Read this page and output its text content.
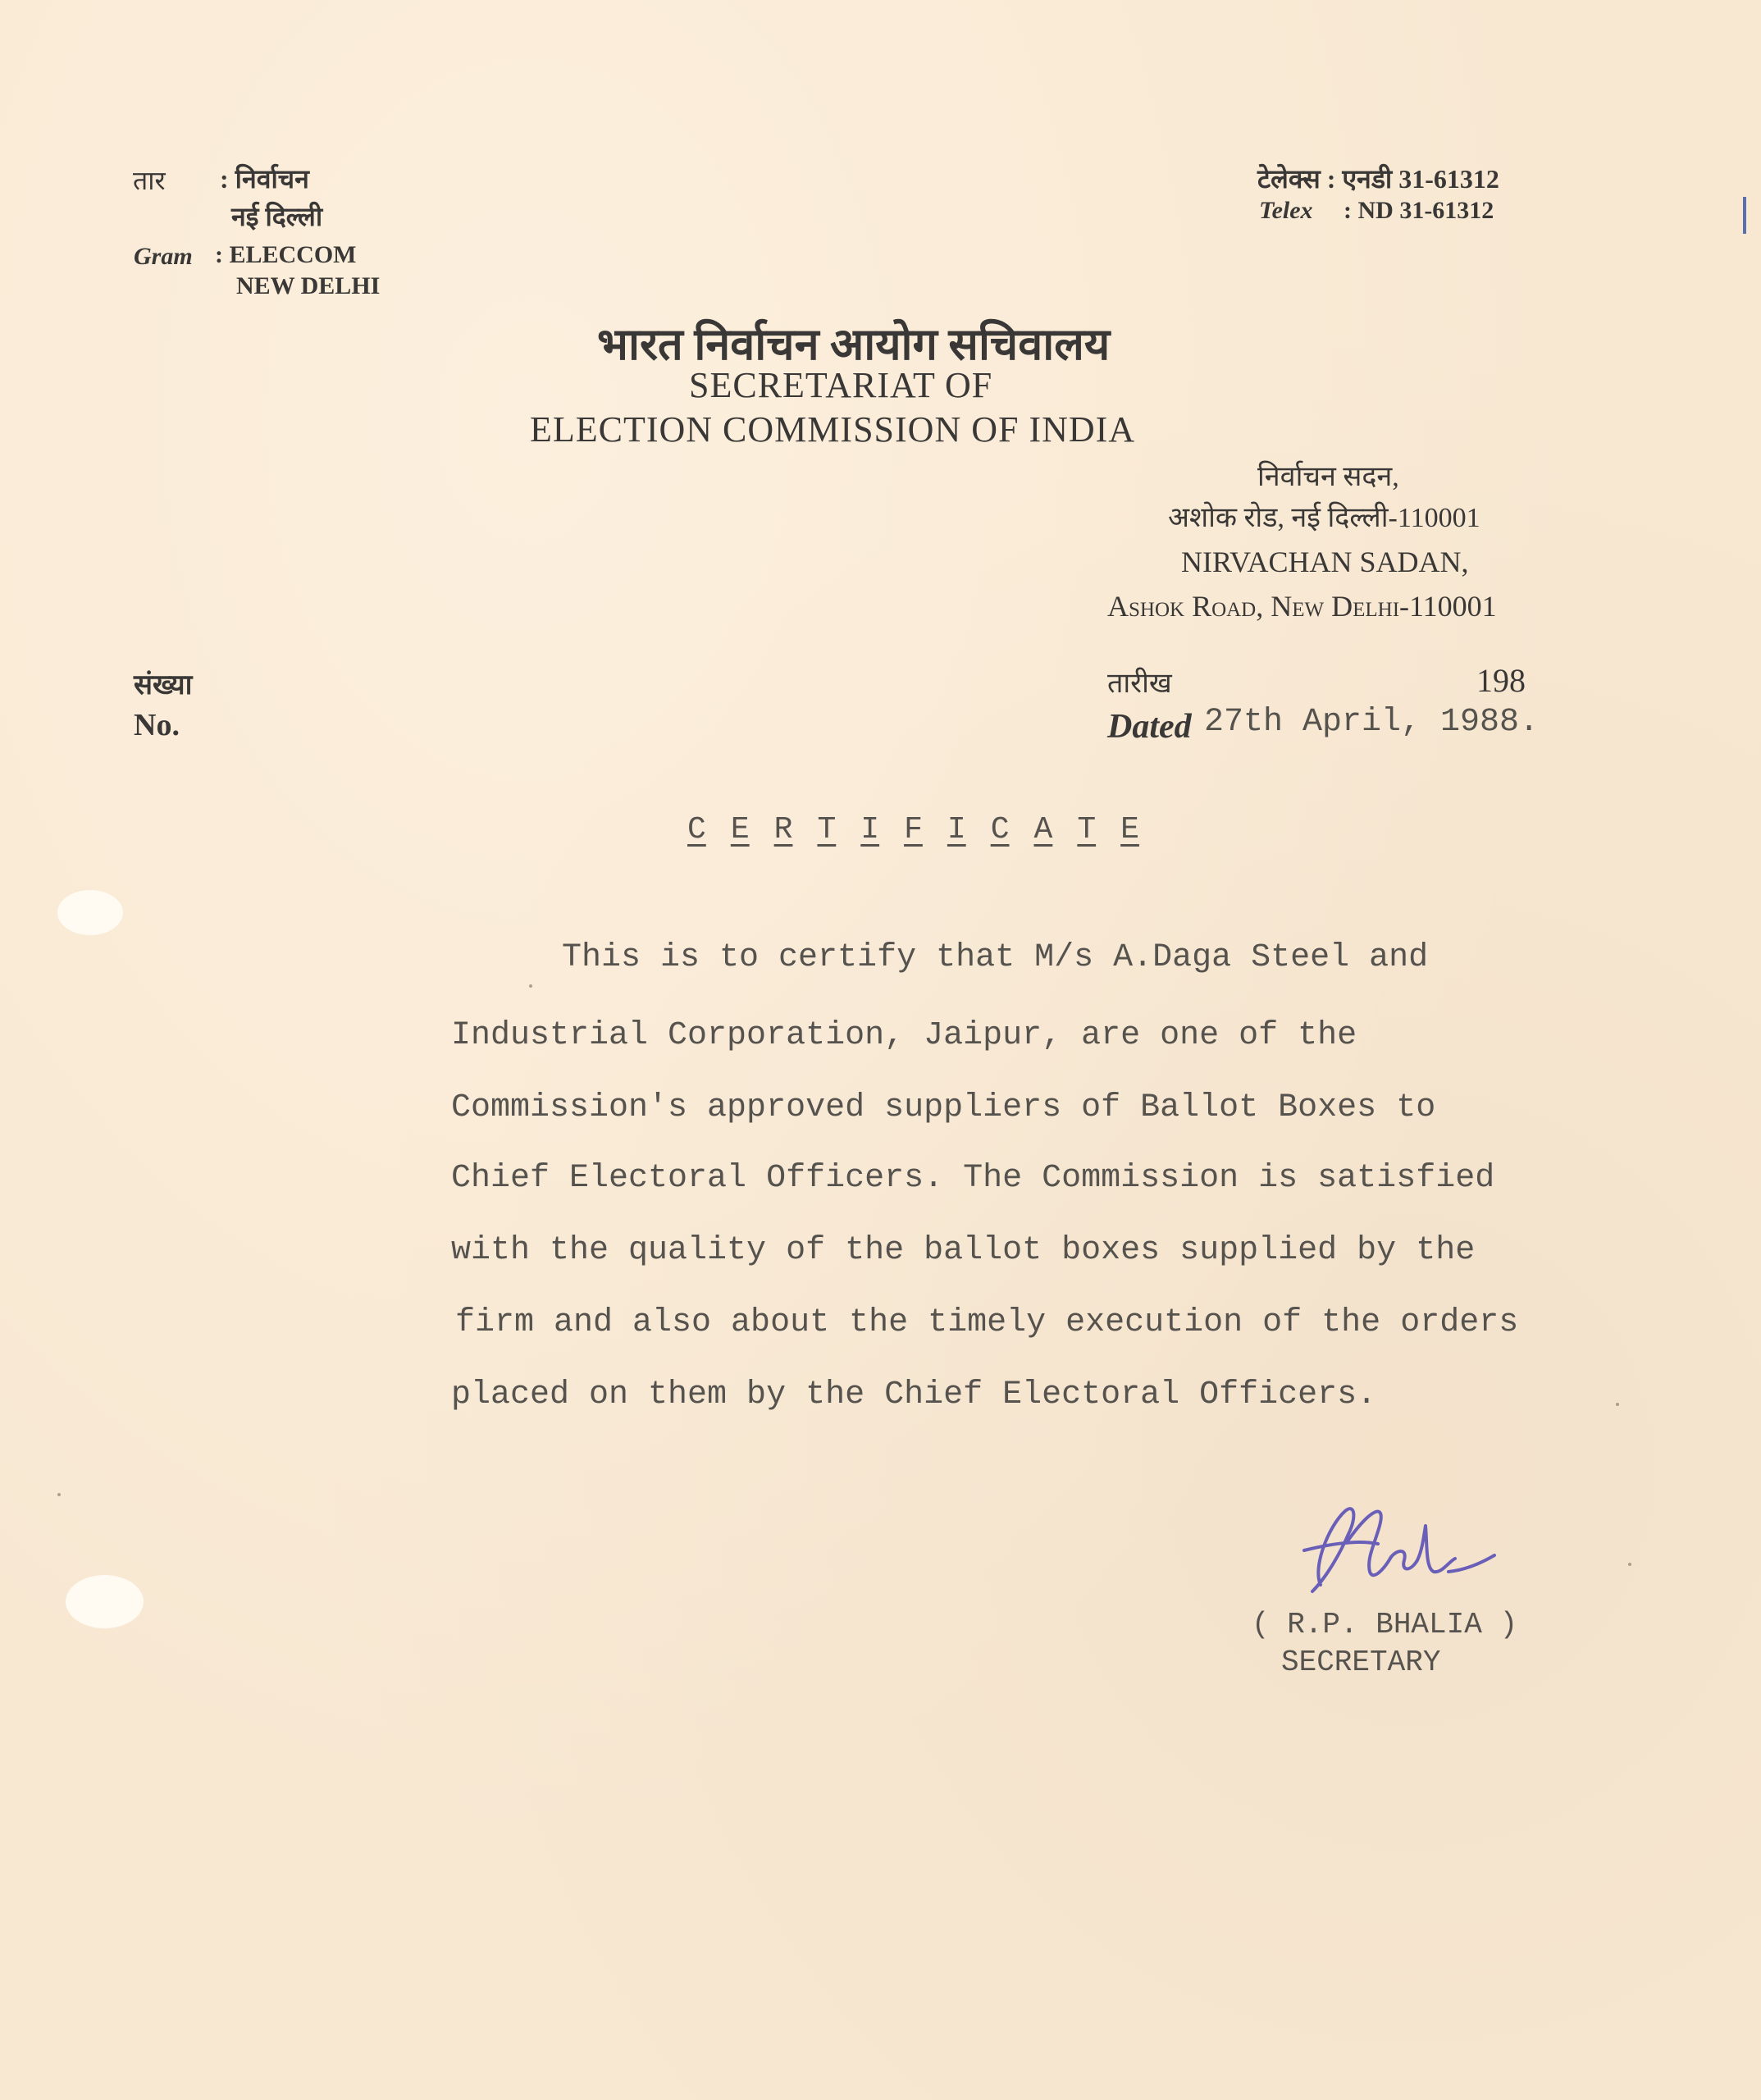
तार : निर्वाचन
नई दिल्ली
Gram : ELECCOM
NEW DELHI
टेलेक्स : एनडी 31-61312
Telex : ND 31-61312
भारत निर्वाचन आयोग सचिवालय
SECRETARIAT OF
ELECTION COMMISSION OF INDIA
निर्वाचन सदन,
अशोक रोड, नई दिल्ली-110001
NIRVACHAN SADAN,
Ashok Road, New Delhi-110001
संख्या
No.
तारीख	198
Dated 27th April, 1988.
C E R T I F I C A T E
This is to certify that M/s A.Daga Steel and
Industrial Corporation, Jaipur, are one of the
Commission's approved suppliers of Ballot Boxes to
Chief Electoral Officers. The Commission is satisfied
with the quality of the ballot boxes supplied by the
firm and also about the timely execution of the orders
placed on them by the Chief Electoral Officers.
( R.P. BHALIA )
SECRETARY
